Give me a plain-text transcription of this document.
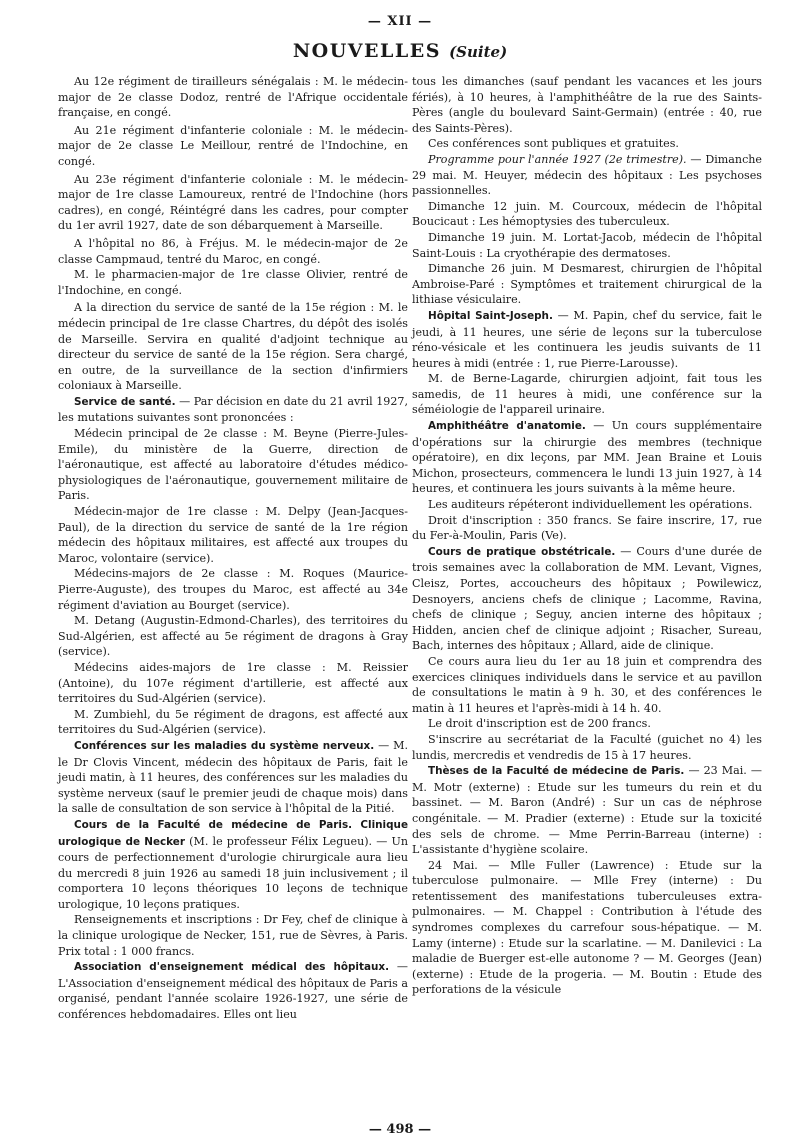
— XII —
NOUVELLES (Suite)

Au 12e régiment de tirailleurs sénégalais : M. le médecin-major de 2e classe Dodoz, rentré de l'Afrique occidentale française, en congé.

Au 21e régiment d'infanterie coloniale : M. le médecin-major de 2e classe Le Meillour, rentré de l'Indochine, en congé.

Au 23e régiment d'infanterie coloniale : M. le médecin-major de 1re classe Lamoureux, rentré de l'Indochine (hors cadres), en congé, Réintégré dans les cadres, pour compter du 1er avril 1927, date de son débarquement à Marseille.

A l'hôpital no 86, à Fréjus. M. le médecin-major de 2e classe Campmaud, tentré du Maroc, en congé.

M. le pharmacien-major de 1re classe Olivier, rentré de l'Indochine, en congé.

A la direction du service de santé de la 15e région : M. le médecin principal de 1re classe Chartres, du dépôt des isolés de Marseille. Servira en qualité d'adjoint technique au directeur du service de santé de la 15e région. Sera chargé, en outre, de la surveillance de la section d'infirmiers coloniaux à Marseille.

Service de santé. — Par décision en date du 21 avril 1927, les mutations suivantes sont prononcées :

Médecin principal de 2e classe : M. Beyne (Pierre-Jules-Emile), du ministère de la Guerre, direction de l'aéronautique, est affecté au laboratoire d'études médico-physiologiques de l'aéronautique, gouvernement militaire de Paris.

Médecin-major de 1re classe : M. Delpy (Jean-Jacques-Paul), de la direction du service de santé de la 1re région médecin des hôpitaux militaires, est affecté aux troupes du Maroc, volontaire (service).

Médecins-majors de 2e classe : M. Roques (Maurice-Pierre-Auguste), des troupes du Maroc, est affecté au 34e régiment d'aviation au Bourget (service).

M. Detang (Augustin-Edmond-Charles), des territoires du Sud-Algérien, est affecté au 5e régiment de dragons à Gray (service).

Médecins aides-majors de 1re classe : M. Reissier (Antoine), du 107e régiment d'artillerie, est affecté aux territoires du Sud-Algérien (service).

M. Zumbiehl, du 5e régiment de dragons, est affecté aux territoires du Sud-Algérien (service).

Conférences sur les maladies du système nerveux. — M. le Dr Clovis Vincent, médecin des hôpitaux de Paris, fait le jeudi matin, à 11 heures, des conférences sur les maladies du système nerveux (sauf le premier jeudi de chaque mois) dans la salle de consultation de son service à l'hôpital de la Pitié.

Cours de la Faculté de médecine de Paris. Clinique urologique de Necker (M. le professeur Félix Legueu). — Un cours de perfectionnement d'urologie chirurgicale aura lieu du mercredi 8 juin 1926 au samedi 18 juin inclusivement ; il comportera 10 leçons théoriques 10 leçons de technique urologique, 10 leçons pratiques.

Renseignements et inscriptions : Dr Fey, chef de clinique à la clinique urologique de Necker, 151, rue de Sèvres, à Paris. Prix total : 1 000 francs.

Association d'enseignement médical des hôpitaux. — L'Association d'enseignement médical des hôpitaux de Paris a organisé, pendant l'année scolaire 1926-1927, une série de conférences hebdomadaires. Elles ont lieu

tous les dimanches (sauf pendant les vacances et les jours fériés), à 10 heures, à l'amphithéâtre de la rue des Saints-Pères (angle du boulevard Saint-Germain) (entrée : 40, rue des Saints-Pères).

Ces conférences sont publiques et gratuites.

Programme pour l'année 1927 (2e trimestre). — Dimanche 29 mai. M. Heuyer, médecin des hôpitaux : Les psychoses passionnelles.

Dimanche 12 juin. M. Courcoux, médecin de l'hôpital Boucicaut : Les hémoptysies des tuberculeux.

Dimanche 19 juin. M. Lortat-Jacob, médecin de l'hôpital Saint-Louis : La cryothérapie des dermatoses.

Dimanche 26 juin. M Desmarest, chirurgien de l'hôpital Ambroise-Paré : Symptômes et traitement chirurgical de la lithiase vésiculaire.

Hôpital Saint-Joseph. — M. Papin, chef du service, fait le jeudi, à 11 heures, une série de leçons sur la tuberculose réno-vésicale et les continuera les jeudis suivants de 11 heures à midi (entrée : 1, rue Pierre-Larousse).

M. de Berne-Lagarde, chirurgien adjoint, fait tous les samedis, de 11 heures à midi, une conférence sur la séméiologie de l'appareil urinaire.

Amphithéâtre d'anatomie. — Un cours supplémentaire d'opérations sur la chirurgie des membres (technique opératoire), en dix leçons, par MM. Jean Braine et Louis Michon, prosecteurs, commencera le lundi 13 juin 1927, à 14 heures, et continuera les jours suivants à la même heure.

Les auditeurs répéteront individuellement les opérations.

Droit d'inscription : 350 francs. Se faire inscrire, 17, rue du Fer-à-Moulin, Paris (Ve).

Cours de pratique obstétricale. — Cours d'une durée de trois semaines avec la collaboration de MM. Levant, Vignes, Cleisz, Portes, accoucheurs des hôpitaux ; Powilewicz, Desnoyers, anciens chefs de clinique ; Lacomme, Ravina, chefs de clinique ; Seguy, ancien interne des hôpitaux ; Hidden, ancien chef de clinique adjoint ; Risacher, Sureau, Bach, internes des hôpitaux ; Allard, aide de clinique.

Ce cours aura lieu du 1er au 18 juin et comprendra des exercices cliniques individuels dans le service et au pavillon de consultations le matin à 9 h. 30, et des conférences le matin à 11 heures et l'après-midi à 14 h. 40.

Le droit d'inscription est de 200 francs.

S'inscrire au secrétariat de la Faculté (guichet no 4) les lundis, mercredis et vendredis de 15 à 17 heures.

Thèses de la Faculté de médecine de Paris. — 23 Mai. — M. Motr (externe) : Etude sur les tumeurs du rein et du bassinet. — M. Baron (André) : Sur un cas de néphrose congénitale. — M. Pradier (externe) : Etude sur la toxicité des sels de chrome. — Mme Perrin-Barreau (interne) : L'assistante d'hygiène scolaire.

24 Mai. — Mlle Fuller (Lawrence) : Etude sur la tuberculose pulmonaire. — Mlle Frey (interne) : Du retentissement des manifestations tuberculeuses extra-pulmonaires. — M. Chappel : Contribution à l'étude des syndromes complexes du carrefour sous-hépatique. — M. Lamy (interne) : Etude sur la scarlatine. — M. Danilevici : La maladie de Buerger est-elle autonome ? — M. Georges (Jean) (externe) : Etude de la progeria. — M. Boutin : Etude des perforations de la vésicule

— 498 —
